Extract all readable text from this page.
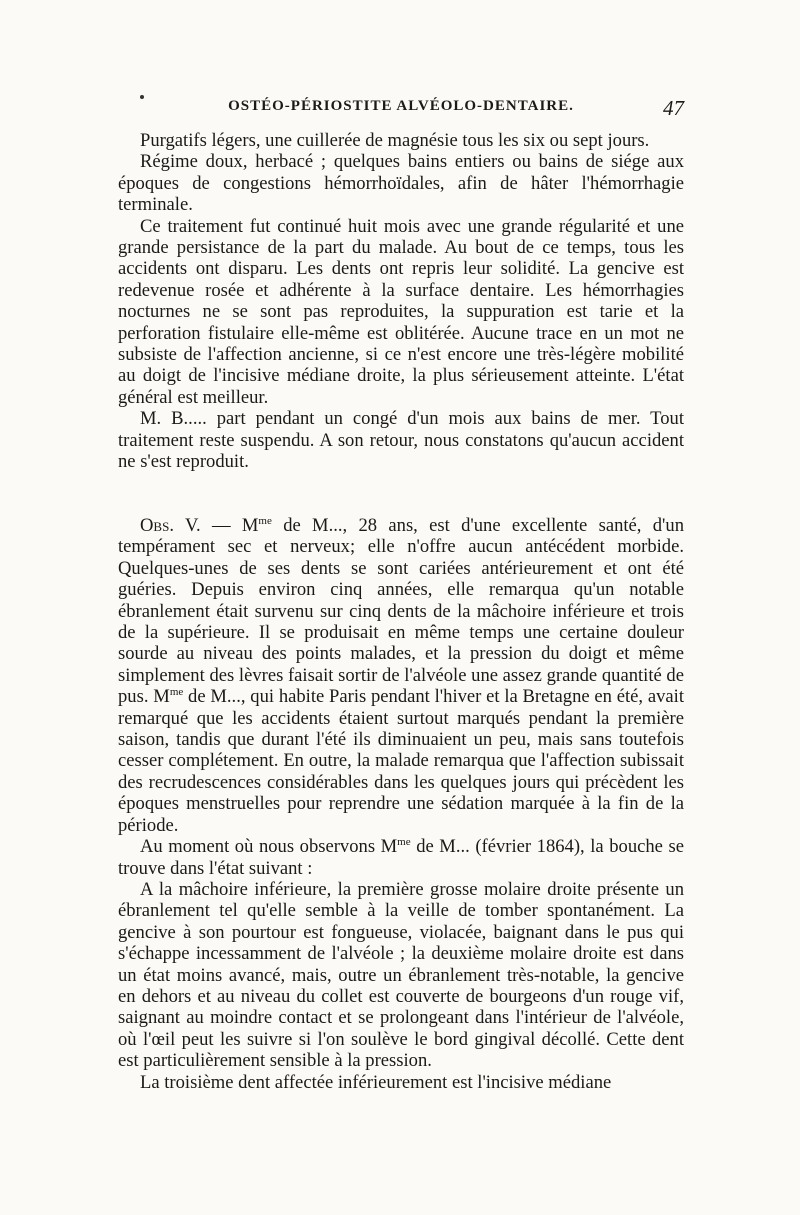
OSTÉO-PÉRIOSTITE ALVÉOLO-DENTAIRE.	47

Purgatifs légers, une cuillerée de magnésie tous les six ou sept jours.

Régime doux, herbacé ; quelques bains entiers ou bains de siége aux époques de congestions hémorrhoïdales, afin de hâter l'hémorrhagie terminale.

Ce traitement fut continué huit mois avec une grande régularité et une grande persistance de la part du malade. Au bout de ce temps, tous les accidents ont disparu. Les dents ont repris leur solidité. La gencive est redevenue rosée et adhérente à la surface dentaire. Les hémorrhagies nocturnes ne se sont pas reproduites, la suppuration est tarie et la perforation fistulaire elle-même est oblitérée. Aucune trace en un mot ne subsiste de l'affection ancienne, si ce n'est encore une très-légère mobilité au doigt de l'incisive médiane droite, la plus sérieusement atteinte. L'état général est meilleur.

M. B..... part pendant un congé d'un mois aux bains de mer. Tout traitement reste suspendu. A son retour, nous constatons qu'aucun accident ne s'est reproduit.

Obs. V. — $M^{me}$ de M..., 28 ans, est d'une excellente santé, d'un tempérament sec et nerveux; elle n'offre aucun antécédent morbide. Quelques-unes de ses dents se sont cariées antérieurement et ont été guéries. Depuis environ cinq années, elle remarqua qu'un notable ébranlement était survenu sur cinq dents de la mâchoire inférieure et trois de la supérieure. Il se produisait en même temps une certaine douleur sourde au niveau des points malades, et la pression du doigt et même simplement des lèvres faisait sortir de l'alvéole une assez grande quantité de pus. $M^{me}$ de M..., qui habite Paris pendant l'hiver et la Bretagne en été, avait remarqué que les accidents étaient surtout marqués pendant la première saison, tandis que durant l'été ils diminuaient un peu, mais sans toutefois cesser complétement. En outre, la malade remarqua que l'affection subissait des recrudescences considérables dans les quelques jours qui précèdent les époques menstruelles pour reprendre une sédation marquée à la fin de la période.

Au moment où nous observons $M^{me}$ de M... (février 1864), la bouche se trouve dans l'état suivant :

A la mâchoire inférieure, la première grosse molaire droite présente un ébranlement tel qu'elle semble à la veille de tomber spontanément. La gencive à son pourtour est fongueuse, violacée, baignant dans le pus qui s'échappe incessamment de l'alvéole ; la deuxième molaire droite est dans un état moins avancé, mais, outre un ébranlement très-notable, la gencive en dehors et au niveau du collet est couverte de bourgeons d'un rouge vif, saignant au moindre contact et se prolongeant dans l'intérieur de l'alvéole, où l'œil peut les suivre si l'on soulève le bord gingival décollé. Cette dent est particulièrement sensible à la pression.

La troisième dent affectée inférieurement est l'incisive médiane
